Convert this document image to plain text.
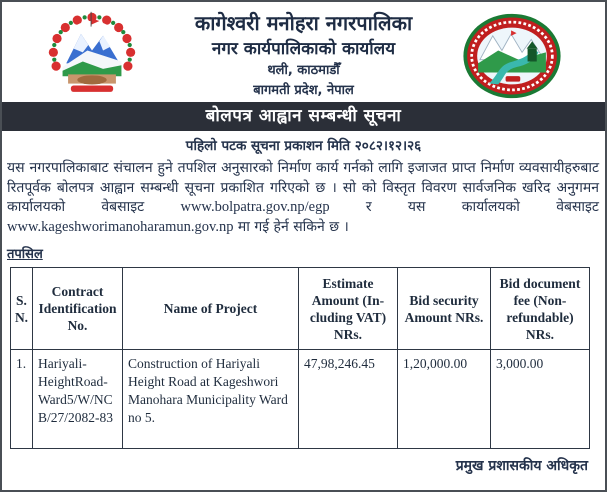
कागेश्वरी मनोहरा नगरपालिका
नगर कार्यपालिकाको कार्यालय
थली, काठमाडौँ
बागमती प्रदेश, नेपाल
बोलपत्र आह्वान सम्बन्धी सूचना
पहिलो पटक सूचना प्रकाशन मिति २०८२।१२।२६
यस नगरपालिकाबाट संचालन हुने तपशिल अनुसारको निर्माण कार्य गर्नको लागि इजाजत प्राप्त निर्माण व्यवसायीहरुबाट रितपूर्वक बोलपत्र आह्वान सम्बन्धी सूचना प्रकाशित गरिएको छ । सो को विस्तृत विवरण सार्वजनिक खरिद अनुगमन कार्यालयको वेबसाइट www.bolpatra.gov.np/egp र यस कार्यालयको वेबसाइट www.kageshworimanoharamun.gov.np मा गई हेर्न सकिने छ ।
तपसिल
S. N.	Contract Identification No.	Name of Project	Estimate Amount (In-cluding VAT) NRs.	Bid security Amount NRs.	Bid document fee (Non-refundable) NRs.
1.	Hariyali-HeightRoad-Ward5/W/NCB/27/2082-83	Construction of Hariyali Height Road at Kageshwori Manohara Municipality Ward no 5.	47,98,246.45	1,20,000.00	3,000.00
प्रमुख प्रशासकीय अधिकृत
